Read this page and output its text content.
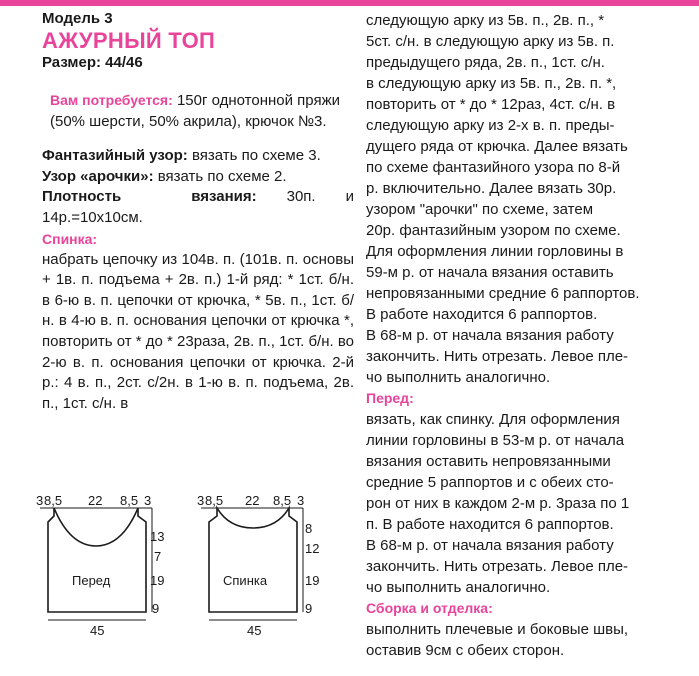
Модель 3
АЖУРНЫЙ ТОП
Размер: 44/46
Вам потребуется: 150г однотонной пряжи (50% шерсти, 50% акрила), крючок №3.
Фантазийный узор: вязать по схеме 3.
Узор «арочки»: вязать по схеме 2.
Плотность вязания: 30п. и 14р.=10х10см.
Спинка:
набрать цепочку из 104в. п. (101в. п. основы + 1в. п. подъема + 2в. п.) 1-й ряд: * 1ст. б/н. в 6-ю в. п. цепочки от крючка, * 5в. п., 1ст. б/н. в 4-ю в. п. основания цепочки от крючка *, повторить от * до * 23раза, 2в. п., 1ст. б/н. во 2-ю в. п. основания цепочки от крючка. 2-й р.: 4 в. п., 2ст. с/2н. в 1-ю в. п. подъема, 2в. п., 1ст. с/н. в
3 8,5 22 8,5 3
13
7
19
9
Перед
45
3 8,5 22 8,5 3
8
12
19
9
Спинка
45
следующую арку из 5в. п., 2в. п., *
5ст. с/н. в следующую арку из 5в. п.
предыдущего ряда, 2в. п., 1ст. с/н.
в следующую арку из 5в. п., 2в. п. *,
повторить от * до * 12раз, 4ст. с/н. в
следующую арку из 2-х в. п. преды-
дущего ряда от крючка. Далее вязать
по схеме фантазийного узора по 8-й
р. включительно. Далее вязать 30р.
узором "арочки" по схеме, затем
20р. фантазийным узором по схеме.
Для оформления линии горловины в
59-м р. от начала вязания оставить
непровязанными средние 6 раппортов.
В работе находится 6 раппортов.
В 68-м р. от начала вязания работу
закончить. Нить отрезать. Левое пле-
чо выполнить аналогично.
Перед:
вязать, как спинку. Для оформления
линии горловины в 53-м р. от начала
вязания оставить непровязанными
средние 5 раппортов и с обеих сто-
рон от них в каждом 2-м р. 3раза по 1
п. В работе находится 6 раппортов.
В 68-м р. от начала вязания работу
закончить. Нить отрезать. Левое пле-
чо выполнить аналогично.
Сборка и отделка:
выполнить плечевые и боковые швы,
оставив 9см с обеих сторон.
